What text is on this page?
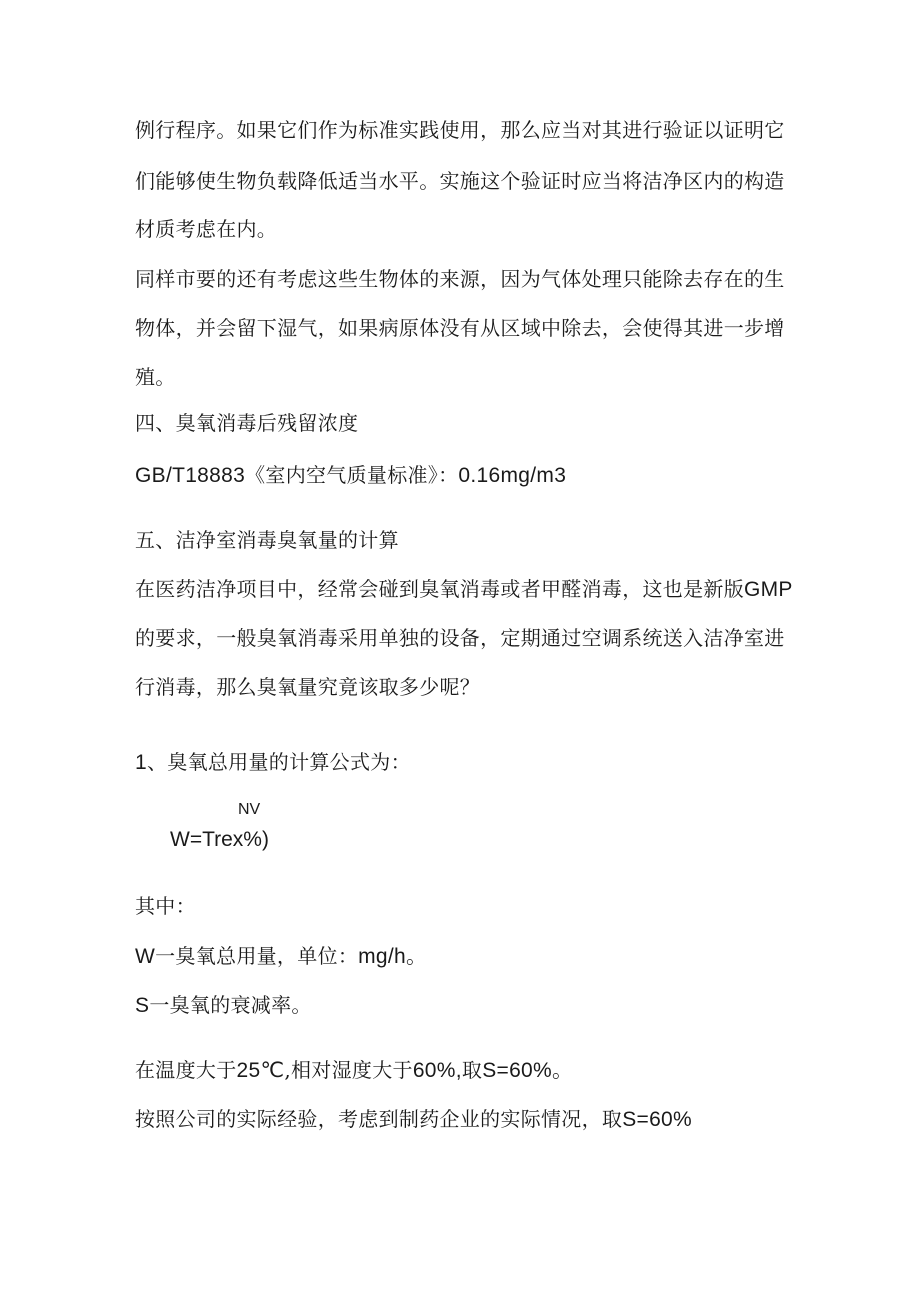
例行程序。如果它们作为标准实践使用，那么应当对其进行验证以证明它
们能够使生物负载降低适当水平。实施这个验证时应当将洁净区内的构造
材质考虑在内。
同样市要的还有考虑这些生物体的来源，因为气体处理只能除去存在的生
物体，并会留下湿气，如果病原体没有从区域中除去，会使得其进一步增
殖。
四、臭氧消毒后残留浓度
GB/T18883《室内空气质量标准》：0.16mg/m3
五、洁净室消毒臭氧量的计算
在医药洁净项目中，经常会碰到臭氧消毒或者甲醛消毒，这也是新版GMP
的要求，一般臭氧消毒采用单独的设备，定期通过空调系统送入洁净室进
行消毒，那么臭氧量究竟该取多少呢？
1、臭氧总用量的计算公式为：
NV
W=Trex%)
其中：
W一臭氧总用量，单位：mg/h。
S一臭氧的衰减率。
在温度大于25℃,相对湿度大于60%,取S=60%。
按照公司的实际经验，考虑到制药企业的实际情况，取S=60%
